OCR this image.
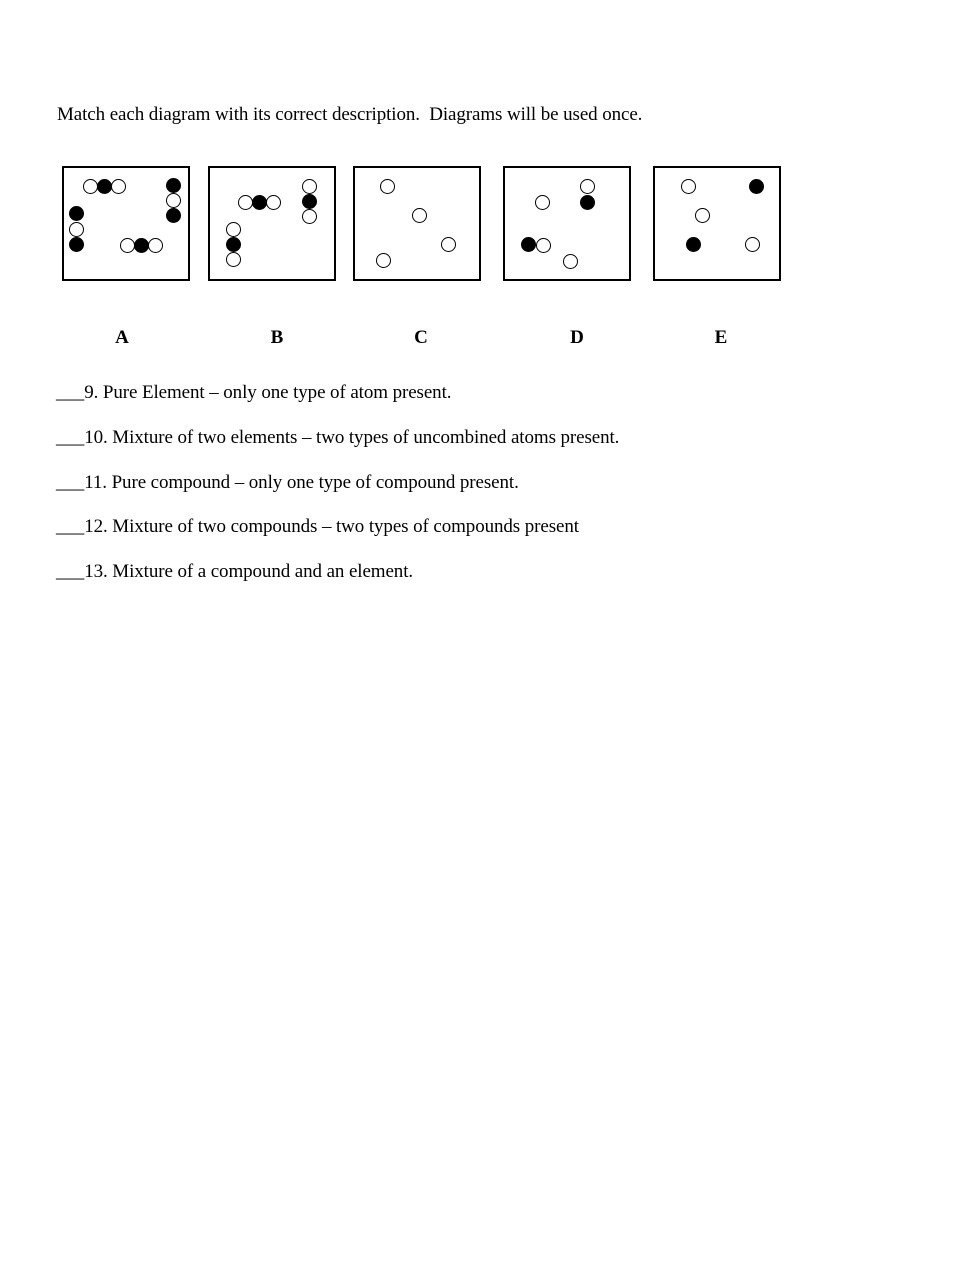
Match each diagram with its correct description.  Diagrams will be used once.
A	B	C	D	E
___9. Pure Element – only one type of atom present.
___10. Mixture of two elements – two types of uncombined atoms present.
___11. Pure compound – only one type of compound present.
___12. Mixture of two compounds – two types of compounds present
___13. Mixture of a compound and an element.
